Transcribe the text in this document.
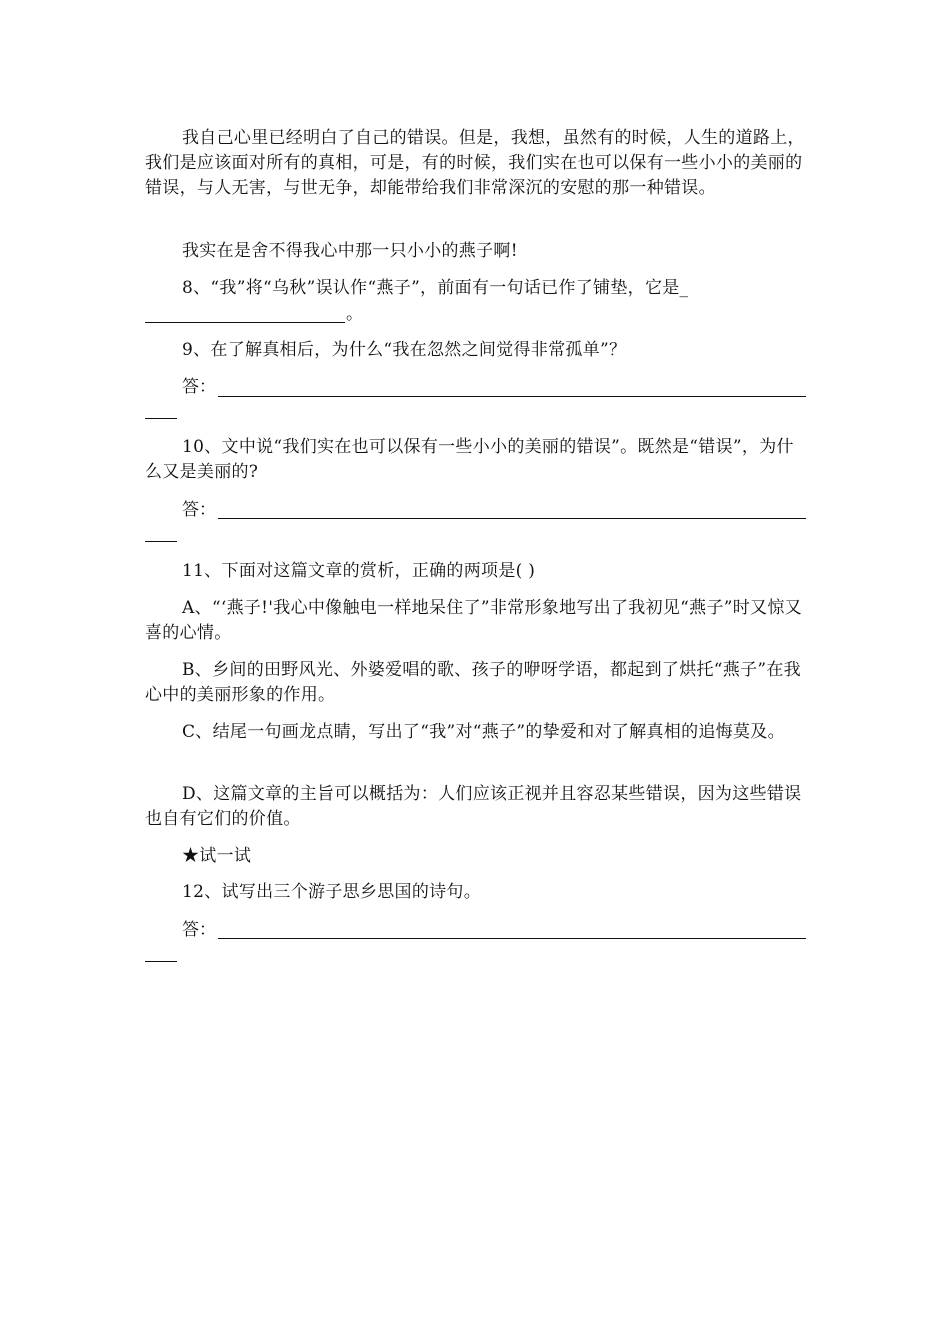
我自己心里已经明白了自己的错误。但是，我想，虽然有的时候，人生的道路上，我们是应该面对所有的真相，可是，有的时候，我们实在也可以保有一些小小的美丽的错误，与人无害，与世无争，却能带给我们非常深沉的安慰的那一种错误。
我实在是舍不得我心中那一只小小的燕子啊!
8、“我”将“乌秋”误认作“燕子”，前面有一句话已作了铺垫，它是_
。
9、在了解真相后，为什么“我在忽然之间觉得非常孤单”？
答：
10、文中说“我们实在也可以保有一些小小的美丽的错误”。既然是“错误”，为什么又是美丽的?
答：
11、下面对这篇文章的赏析，正确的两项是( )
A、“‘燕子!'我心中像触电一样地呆住了”非常形象地写出了我初见“燕子”时又惊又喜的心情。
B、乡间的田野风光、外婆爱唱的歌、孩子的咿呀学语，都起到了烘托“燕子”在我心中的美丽形象的作用。
C、结尾一句画龙点睛，写出了“我”对“燕子”的挚爱和对了解真相的追悔莫及。
D、这篇文章的主旨可以概括为：人们应该正视并且容忍某些错误，因为这些错误也自有它们的价值。
★试一试
12、试写出三个游子思乡思国的诗句。
答：
